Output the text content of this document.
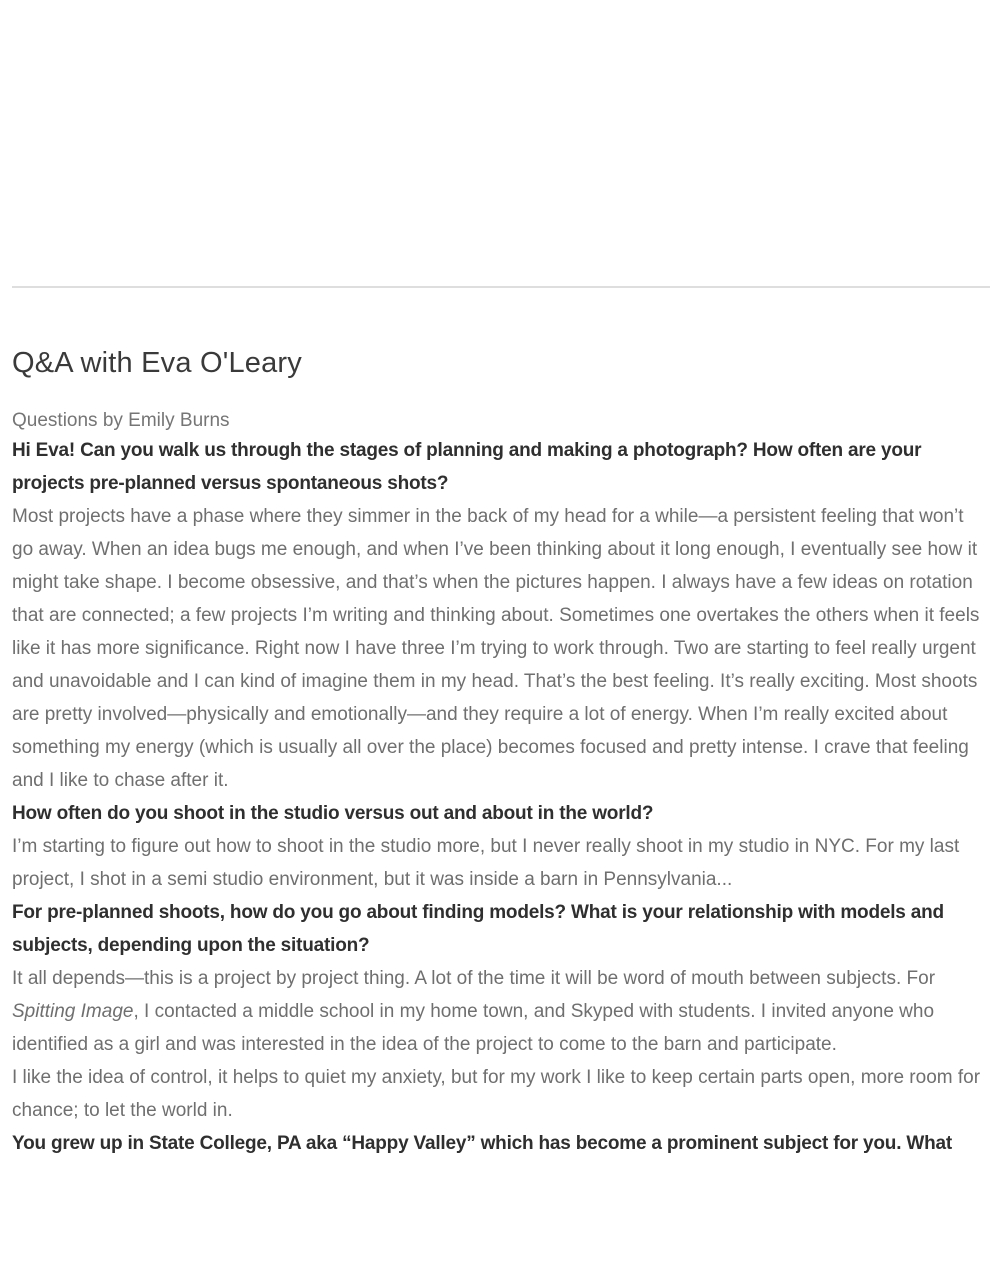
Q&A with Eva O'Leary

Questions by Emily Burns

Hi Eva! Can you walk us through the stages of planning and making a photograph? How often are your projects pre-planned versus spontaneous shots?

Most projects have a phase where they simmer in the back of my head for a while—a persistent feeling that won’t go away. When an idea bugs me enough, and when I’ve been thinking about it long enough, I eventually see how it might take shape. I become obsessive, and that’s when the pictures happen. I always have a few ideas on rotation that are connected; a few projects I’m writing and thinking about. Sometimes one overtakes the others when it feels like it has more significance. Right now I have three I’m trying to work through. Two are starting to feel really urgent and unavoidable and I can kind of imagine them in my head. That’s the best feeling. It’s really exciting. Most shoots are pretty involved—physically and emotionally—and they require a lot of energy. When I’m really excited about something my energy (which is usually all over the place) becomes focused and pretty intense. I crave that feeling and I like to chase after it.

How often do you shoot in the studio versus out and about in the world?

I’m starting to figure out how to shoot in the studio more, but I never really shoot in my studio in NYC. For my last project, I shot in a semi studio environment, but it was inside a barn in Pennsylvania...

For pre-planned shoots, how do you go about finding models? What is your relationship with models and subjects, depending upon the situation?

It all depends—this is a project by project thing. A lot of the time it will be word of mouth between subjects. For Spitting Image, I contacted a middle school in my home town, and Skyped with students. I invited anyone who identified as a girl and was interested in the idea of the project to come to the barn and participate.

I like the idea of control, it helps to quiet my anxiety, but for my work I like to keep certain parts open, more room for chance; to let the world in.

You grew up in State College, PA aka “Happy Valley” which has become a prominent subject for you. What
